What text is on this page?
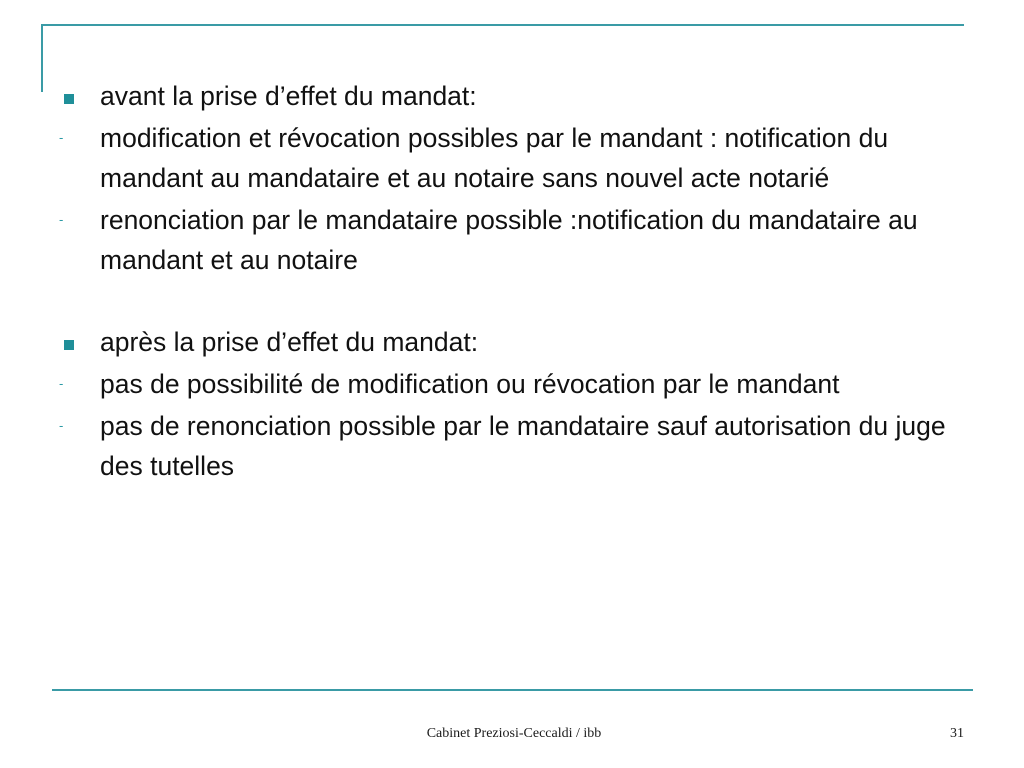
avant la prise d’effet du mandat:
-	modification et révocation possibles par le mandant : notification du mandant au mandataire et au notaire sans nouvel acte notarié
-	renonciation par le mandataire possible :notification du mandataire au mandant et au notaire
après la prise d’effet du mandat:
-	pas de possibilité de modification ou révocation par le mandant
-	pas de renonciation possible par le mandataire sauf autorisation du juge des tutelles
Cabinet Preziosi-Ceccaldi / ibb	31
